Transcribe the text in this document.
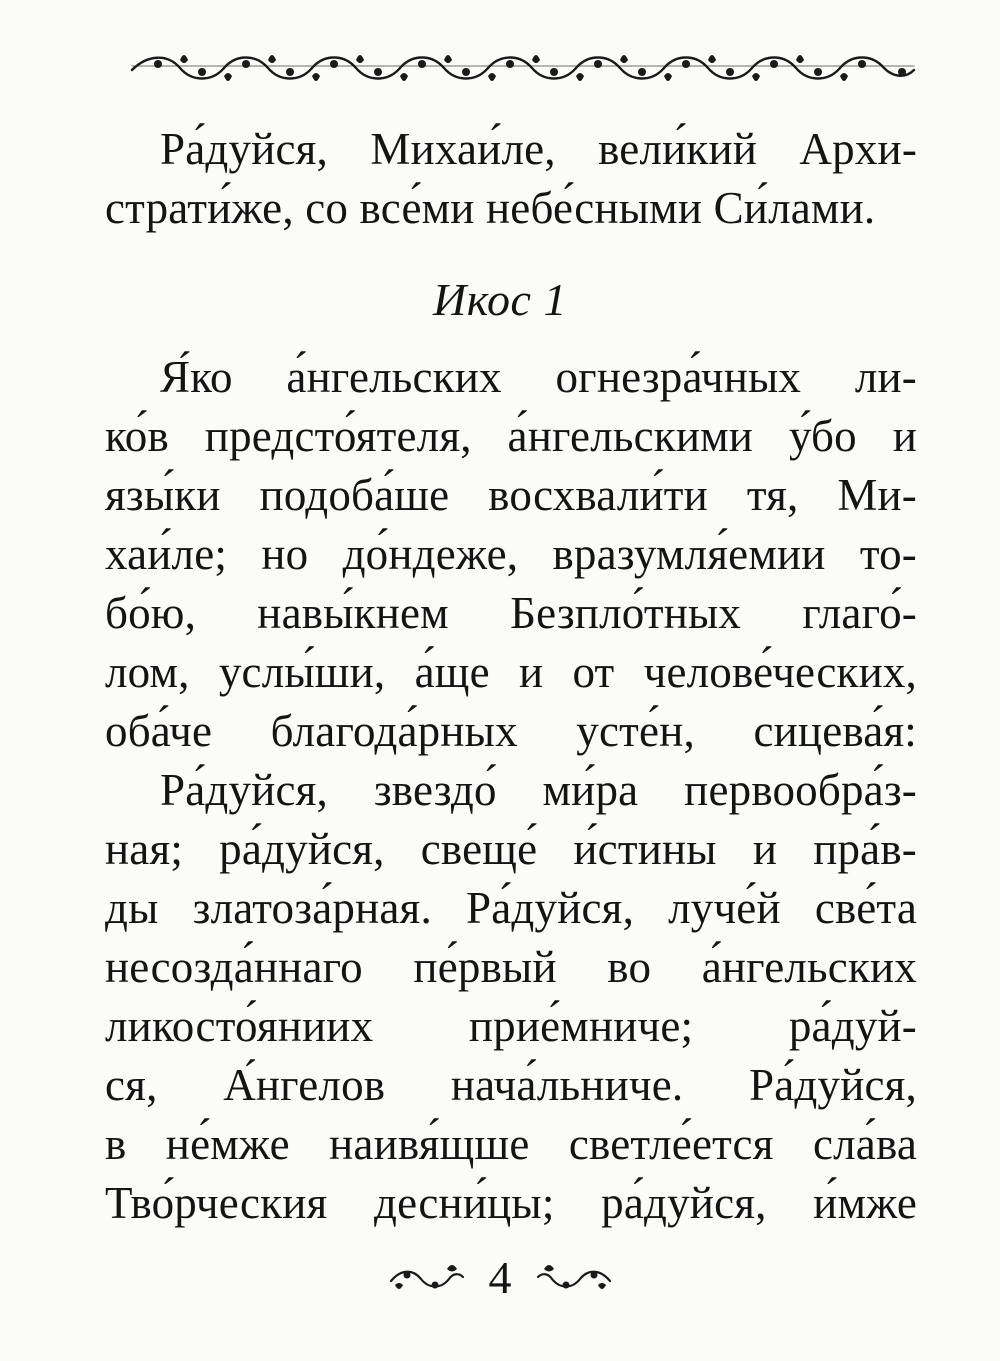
Ра́дуйся, Михаи́ле, вели́кий Архи-
страти́же, со все́ми небе́сными Си́лами.
Икос 1
Я́ко а́нгельских огнезра́чных ли-
ко́в предсто́ятеля, а́нгельскими у́бо и
язы́ки подоба́ше восхвали́ти тя, Ми-
хаи́ле; но до́ндеже, вразумля́емии то-
бо́ю, навы́кнем Безпло́тных глаго́-
лом, услы́ши, а́ще и от челове́ческих,
оба́че благода́рных усте́н, сицева́я:
Ра́дуйся, звездо́ ми́ра первообра́з-
ная; ра́дуйся, свеще́ и́стины и пра́в-
ды златоза́рная. Ра́дуйся, луче́й све́та
несозда́ннаго пе́рвый во а́нгельских
ликосто́яниих прие́мниче; ра́дуй-
ся, А́нгелов нача́льниче. Ра́дуйся,
в не́мже наивя́щше светле́ется сла́ва
Тво́рческия десни́цы; ра́дуйся, и́мже
4
